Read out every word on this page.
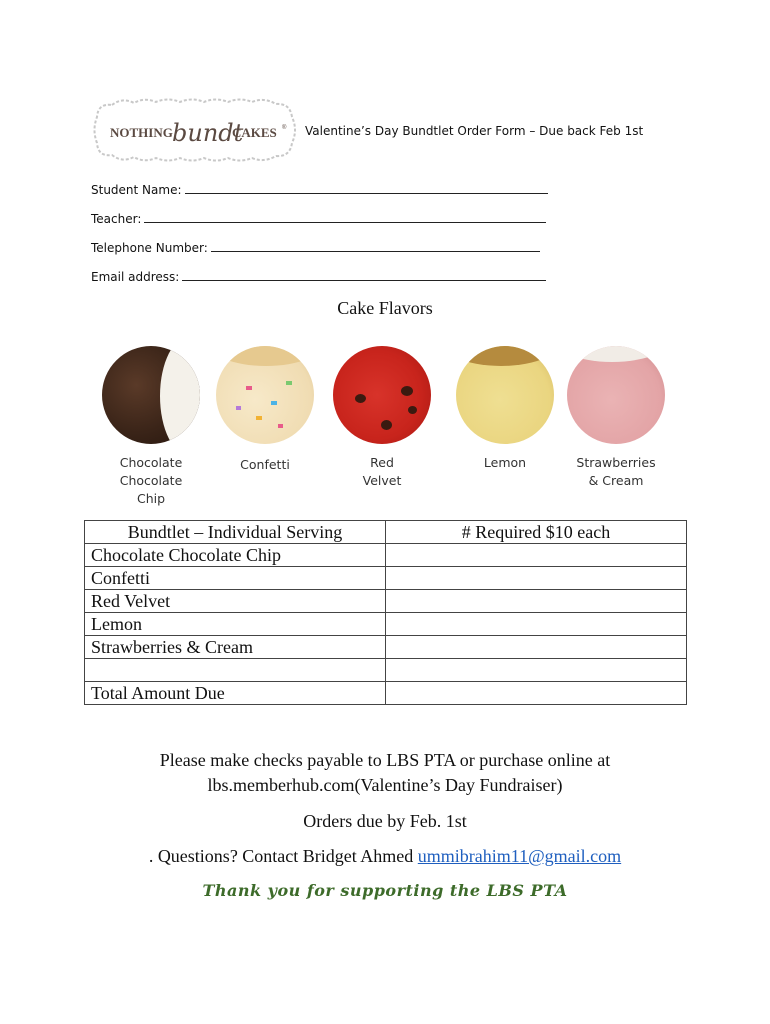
NOTHING bundt
CAKES ® Valentine’s Day Bundtlet Order Form – Due back Feb 1st
Student Name:
Teacher:
Telephone Number:
Email address:
Cake Flavors
Chocolate
Chocolate
Chip
Confetti	Red
Velvet
Lemon	Strawberries
& Cream
Bundtlet – Individual Serving	# Required $10 each
Chocolate Chocolate Chip	
Confetti	
Red Velvet	
Lemon	
Strawberries & Cream	

Total Amount Due	
Please make checks payable to LBS PTA or purchase online at
lbs.memberhub.com(Valentine’s Day Fundraiser)
Orders due by Feb. 1st
. Questions? Contact Bridget Ahmed ummibrahim11@gmail.com
Thank you for supporting the LBS PTA
